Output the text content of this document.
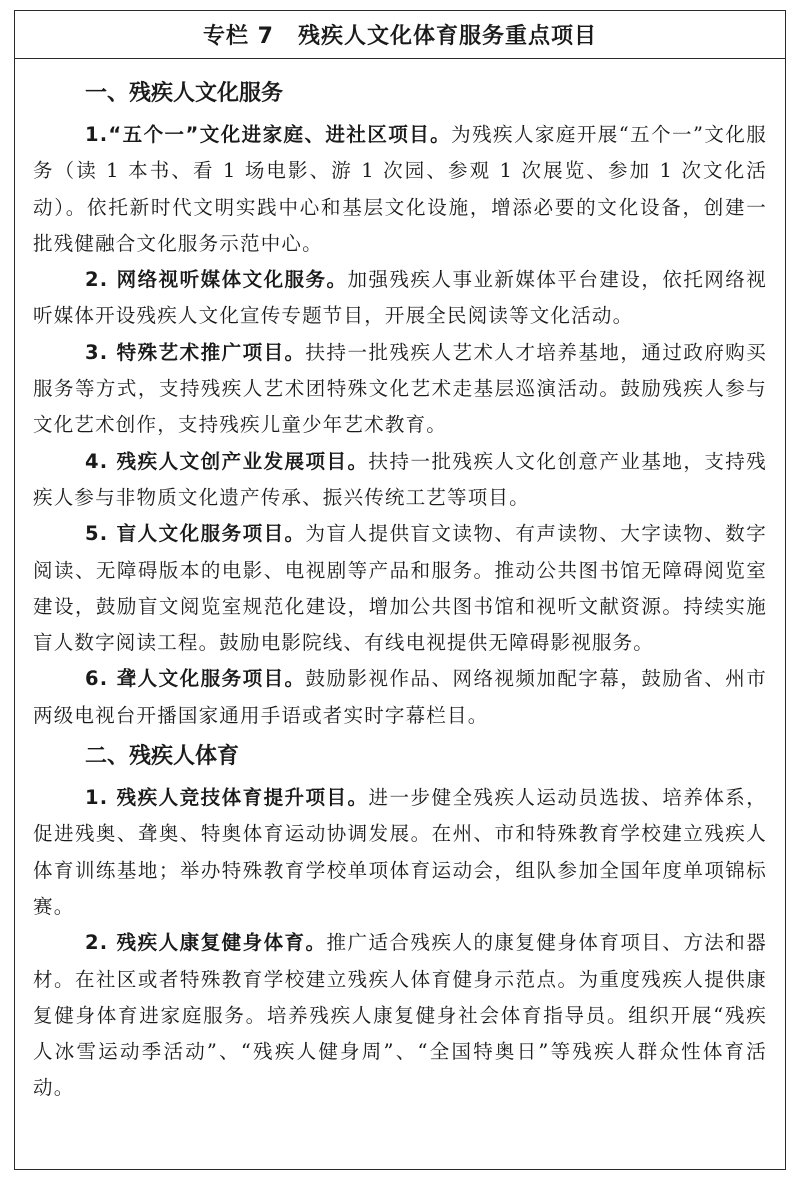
专栏 7 残疾人文化体育服务重点项目
一、残疾人文化服务

1.“五个一”文化进家庭、进社区项目。为残疾人家庭开展“五个一”文化服务（读 1 本书、看 1 场电影、游 1 次园、参观 1 次展览、参加 1 次文化活动）。依托新时代文明实践中心和基层文化设施，增添必要的文化设备，创建一批残健融合文化服务示范中心。

2. 网络视听媒体文化服务。加强残疾人事业新媒体平台建设，依托网络视听媒体开设残疾人文化宣传专题节目，开展全民阅读等文化活动。

3. 特殊艺术推广项目。扶持一批残疾人艺术人才培养基地，通过政府购买服务等方式，支持残疾人艺术团特殊文化艺术走基层巡演活动。鼓励残疾人参与文化艺术创作，支持残疾儿童少年艺术教育。

4. 残疾人文创产业发展项目。扶持一批残疾人文化创意产业基地，支持残疾人参与非物质文化遗产传承、振兴传统工艺等项目。

5. 盲人文化服务项目。为盲人提供盲文读物、有声读物、大字读物、数字阅读、无障碍版本的电影、电视剧等产品和服务。推动公共图书馆无障碍阅览室建设，鼓励盲文阅览室规范化建设，增加公共图书馆和视听文献资源。持续实施盲人数字阅读工程。鼓励电影院线、有线电视提供无障碍影视服务。

6. 聋人文化服务项目。鼓励影视作品、网络视频加配字幕，鼓励省、州市两级电视台开播国家通用手语或者实时字幕栏目。

二、残疾人体育

1. 残疾人竞技体育提升项目。进一步健全残疾人运动员选拔、培养体系，促进残奥、聋奥、特奥体育运动协调发展。在州、市和特殊教育学校建立残疾人体育训练基地；举办特殊教育学校单项体育运动会，组队参加全国年度单项锦标赛。

2. 残疾人康复健身体育。推广适合残疾人的康复健身体育项目、方法和器材。在社区或者特殊教育学校建立残疾人体育健身示范点。为重度残疾人提供康复健身体育进家庭服务。培养残疾人康复健身社会体育指导员。组织开展“残疾人冰雪运动季活动”、“残疾人健身周”、“全国特奥日”等残疾人群众性体育活动。
